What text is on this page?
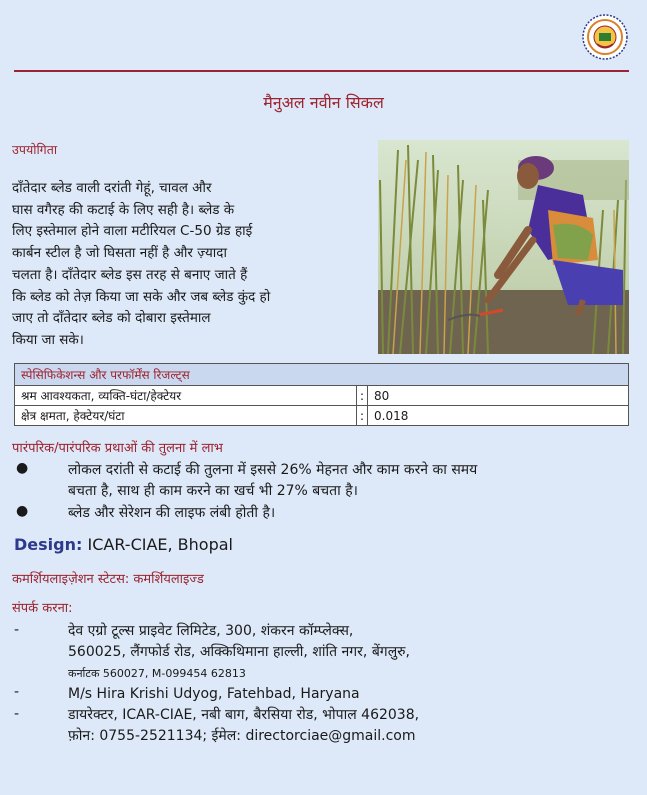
मैनुअल नवीन सिकल
उपयोगिता
दाँतेदार ब्लेड वाली दरांती गेहूं, चावल और
घास वगैरह की कटाई के लिए सही है। ब्लेड के
लिए इस्तेमाल होने वाला मटीरियल C-50 ग्रेड हाई
कार्बन स्टील है जो घिसता नहीं है और ज़्यादा
चलता है। दाँतेदार ब्लेड इस तरह से बनाए जाते हैं
कि ब्लेड को तेज़ किया जा सके और जब ब्लेड कुंद हो
जाए तो दाँतेदार ब्लेड को दोबारा इस्तेमाल
किया जा सके।
स्पेसिफिकेशन्स और परफॉर्मेंस रिजल्ट्स		
श्रम आवश्यकता, व्यक्ति-घंटा/हेक्टेयर	:	80
क्षेत्र क्षमता, हेक्टेयर/घंटा	:	0.018
पारंपरिक/पारंपरिक प्रथाओं की तुलना में लाभ
●	लोकल दरांती से कटाई की तुलना में इससे 26% मेहनत और काम करने का समय
बचता है, साथ ही काम करने का खर्च भी 27% बचता है।
●	ब्लेड और सेरेशन की लाइफ लंबी होती है।
Design: ICAR-CIAE, Bhopal
कमर्शियलाइज़ेशन स्टेटस: कमर्शियलाइज्ड
संपर्क करना:
-	देव एग्रो टूल्स प्राइवेट लिमिटेड, 300, शंकरन कॉम्प्लेक्स,
560025, लैंगफोर्ड रोड, अक्किथिमाना हाल्ली, शांति नगर, बेंगलुरु,
कर्नाटक 560027, M-099454 62813
-	M/s Hira Krishi Udyog, Fatehbad, Haryana
-	डायरेक्टर, ICAR-CIAE, नबी बाग, बैरसिया रोड, भोपाल 462038,
फ़ोन: 0755-2521134; ईमेल: directorciae@gmail.com
